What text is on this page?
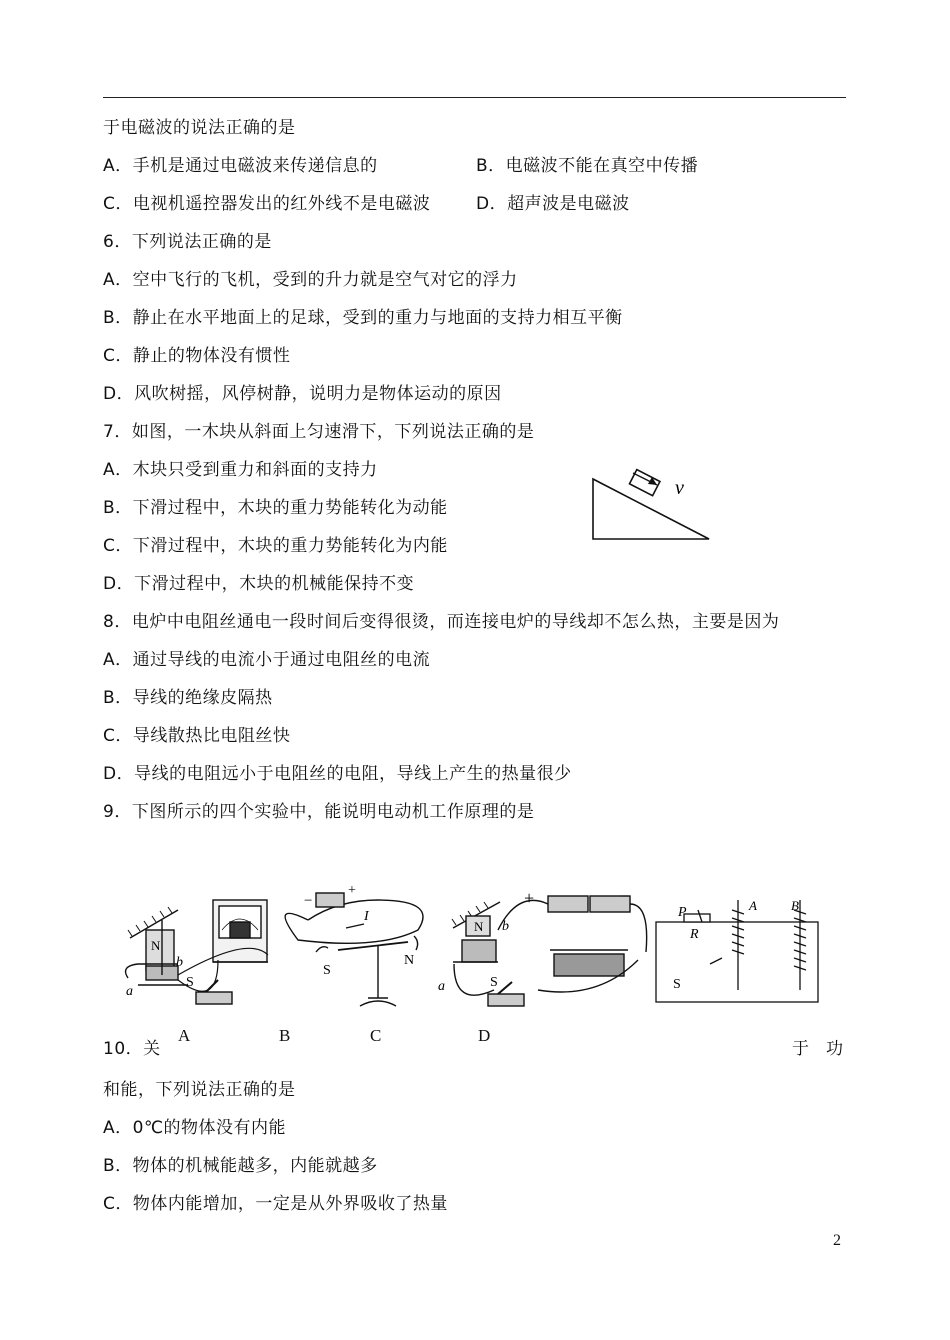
于电磁波的说法正确的是
A．手机是通过电磁波来传递信息的	B．电磁波不能在真空中传播
C．电视机遥控器发出的红外线不是电磁波	D．超声波是电磁波
6．下列说法正确的是
A．空中飞行的飞机，受到的升力就是空气对它的浮力
B．静止在水平地面上的足球，受到的重力与地面的支持力相互平衡
C．静止的物体没有惯性
D．风吹树摇，风停树静，说明力是物体运动的原因
7．如图，一木块从斜面上匀速滑下，下列说法正确的是
A．木块只受到重力和斜面的支持力
B．下滑过程中，木块的重力势能转化为动能
C．下滑过程中，木块的重力势能转化为内能
D．下滑过程中，木块的机械能保持不变
v
8．电炉中电阻丝通电一段时间后变得很烫，而连接电炉的导线却不怎么热，主要是因为
A．通过导线的电流小于通过电阻丝的电流
B．导线的绝缘皮隔热
C．导线散热比电阻丝快
D．导线的电阻远小于电阻丝的电阻，导线上产生的热量很少
9．下图所示的四个实验中，能说明电动机工作原理的是
N
a
b
S
−
+
I
S
N
+	−
N b
a	S
P
R
S
A	B
A	B	C	D
10．关	于　功
和能，下列说法正确的是
A．0℃的物体没有内能
B．物体的机械能越多，内能就越多
C．物体内能增加，一定是从外界吸收了热量
2
